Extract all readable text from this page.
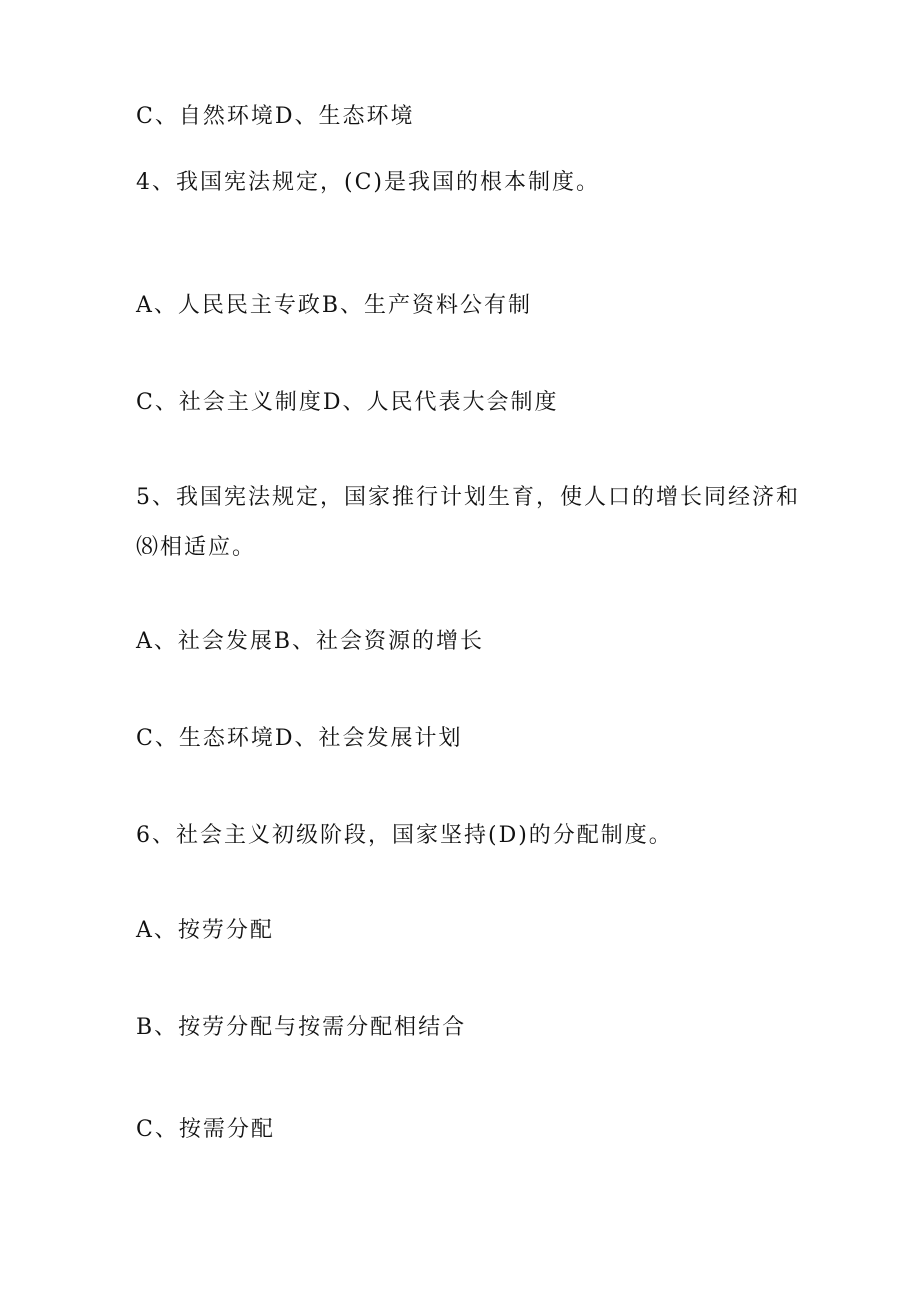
C、自然环境D、生态环境

4、我国宪法规定，(C)是我国的根本制度。

A、人民民主专政B、生产资料公有制

C、社会主义制度D、人民代表大会制度

5、我国宪法规定，国家推行计划生育，使人口的增长同经济和

⑻相适应。

A、社会发展B、社会资源的增长

C、生态环境D、社会发展计划

6、社会主义初级阶段，国家坚持(D)的分配制度。

A、按劳分配

B、按劳分配与按需分配相结合

C、按需分配
